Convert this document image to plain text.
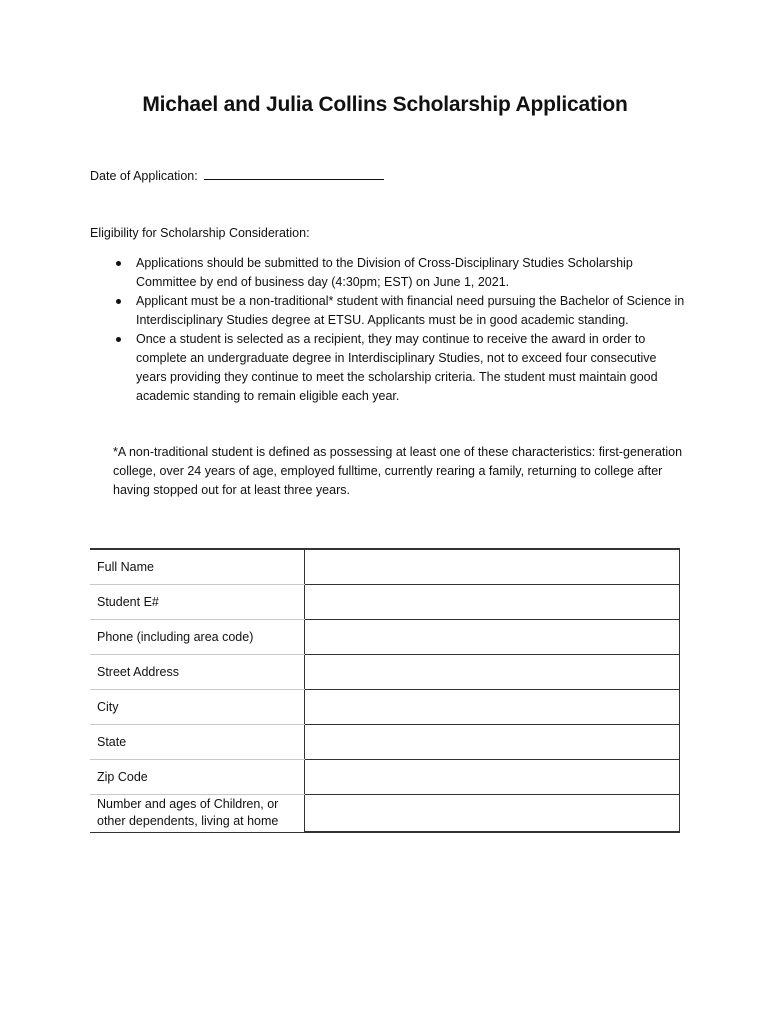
Michael and Julia Collins Scholarship Application
Date of Application:
Eligibility for Scholarship Consideration:
Applications should be submitted to the Division of Cross-Disciplinary Studies Scholarship Committee by end of business day (4:30pm; EST) on June 1, 2021.
Applicant must be a non-traditional* student with financial need pursuing the Bachelor of Science in Interdisciplinary Studies degree at ETSU. Applicants must be in good academic standing.
Once a student is selected as a recipient, they may continue to receive the award in order to complete an undergraduate degree in Interdisciplinary Studies, not to exceed four consecutive years providing they continue to meet the scholarship criteria. The student must maintain good academic standing to remain eligible each year.

*A non-traditional student is defined as possessing at least one of these characteristics: first-generation college, over 24 years of age, employed fulltime, currently rearing a family, returning to college after having stopped out for at least three years.

Full Name	
Student E#	
Phone (including area code)	
Street Address	
City	
State	
Zip Code	
Number and ages of Children, or other dependents, living at home	
